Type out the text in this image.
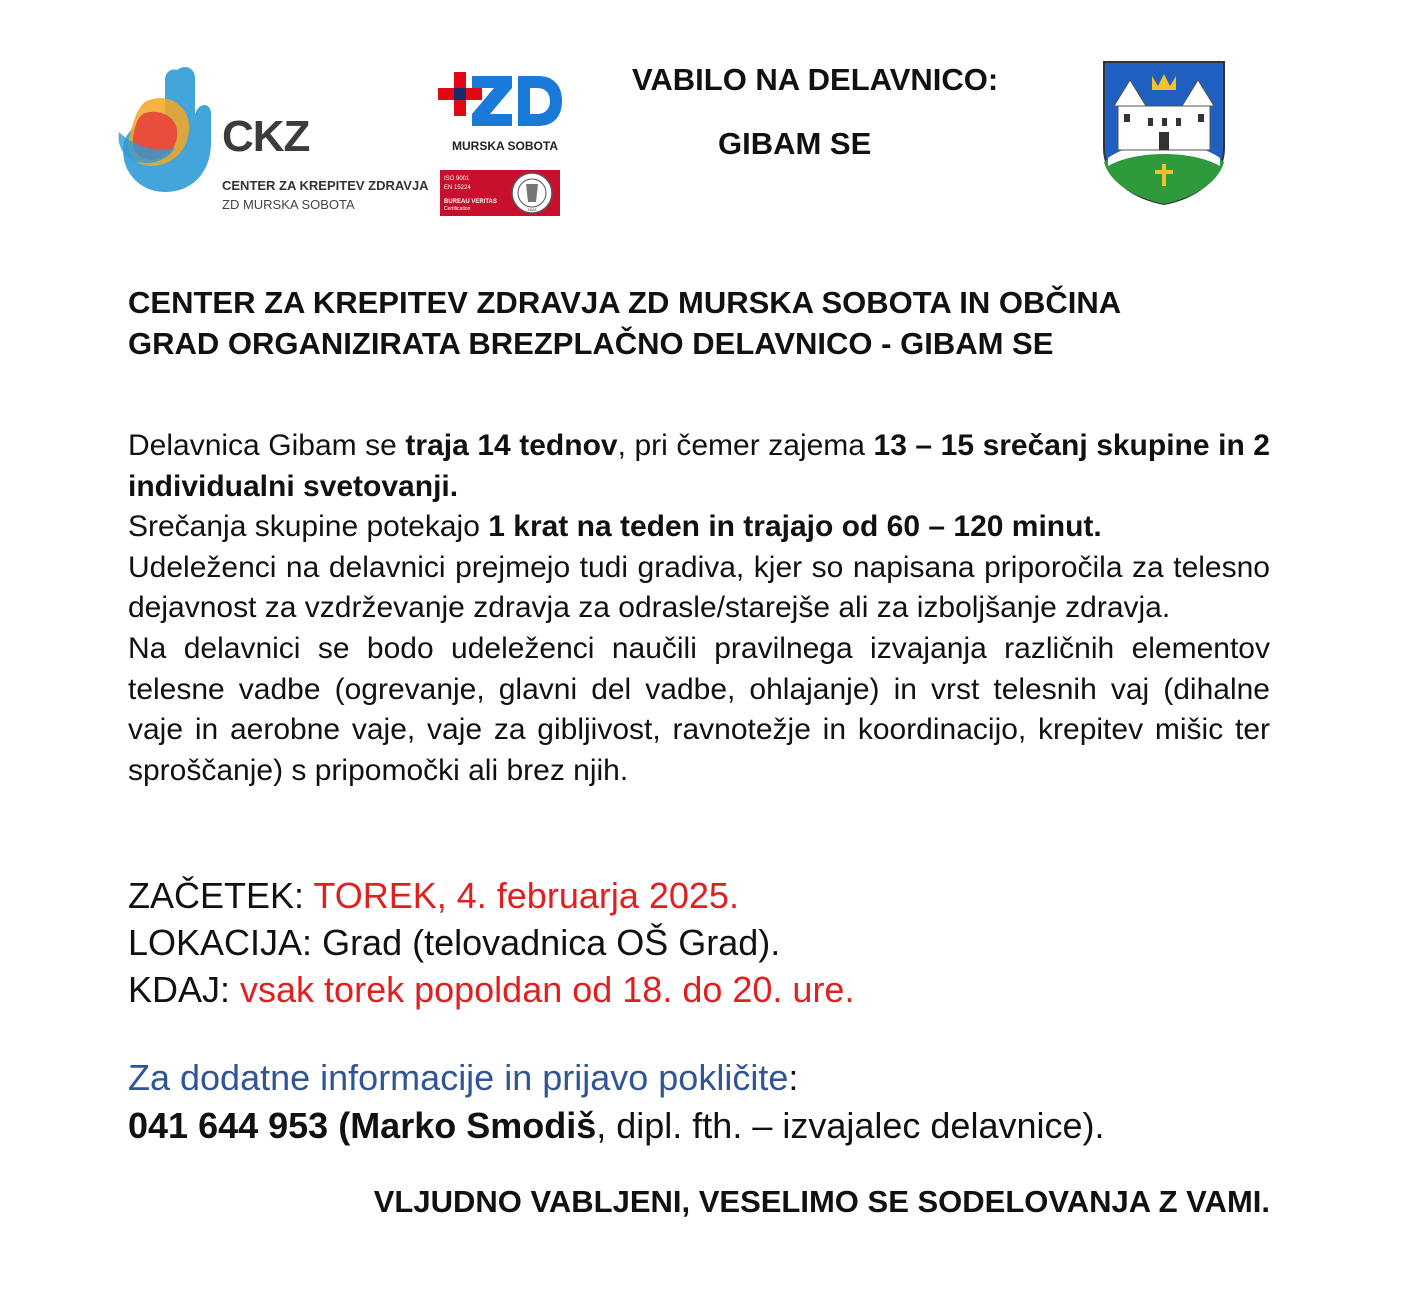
CKZ
CENTER ZA KREPITEV ZDRAVJA
ZD MURSKA SOBOTA
MURSKA SOBOTA
ISO 9001
EN 15224
BUREAU VERITAS
Certification	1828
VABILO NA DELAVNICO:
GIBAM SE
CENTER ZA KREPITEV ZDRAVJA ZD MURSKA SOBOTA IN OBČINA
GRAD ORGANIZIRATA BREZPLAČNO DELAVNICO - GIBAM SE

Delavnica Gibam se traja 14 tednov, pri čemer zajema 13 – 15 srečanj skupine in 2 individualni svetovanji.

Srečanja skupine potekajo 1 krat na teden in trajajo od 60 – 120 minut.

Udeleženci na delavnici prejmejo tudi gradiva, kjer so napisana priporočila za telesno dejavnost za vzdrževanje zdravja za odrasle/starejše ali za izboljšanje zdravja.

Na delavnici se bodo udeleženci naučili pravilnega izvajanja različnih elementov telesne vadbe (ogrevanje, glavni del vadbe, ohlajanje) in vrst telesnih vaj (dihalne vaje in aerobne vaje, vaje za gibljivost, ravnotežje in koordinacijo, krepitev mišic ter sproščanje) s pripomočki ali brez njih.

ZAČETEK: TOREK, 4. februarja 2025.
LOKACIJA: Grad (telovadnica OŠ Grad).
KDAJ: vsak torek popoldan od 18. do 20. ure.
Za dodatne informacije in prijavo pokličite:
041 644 953 (Marko Smodiš, dipl. fth. – izvajalec delavnice).
VLJUDNO VABLJENI, VESELIMO SE SODELOVANJA Z VAMI.
